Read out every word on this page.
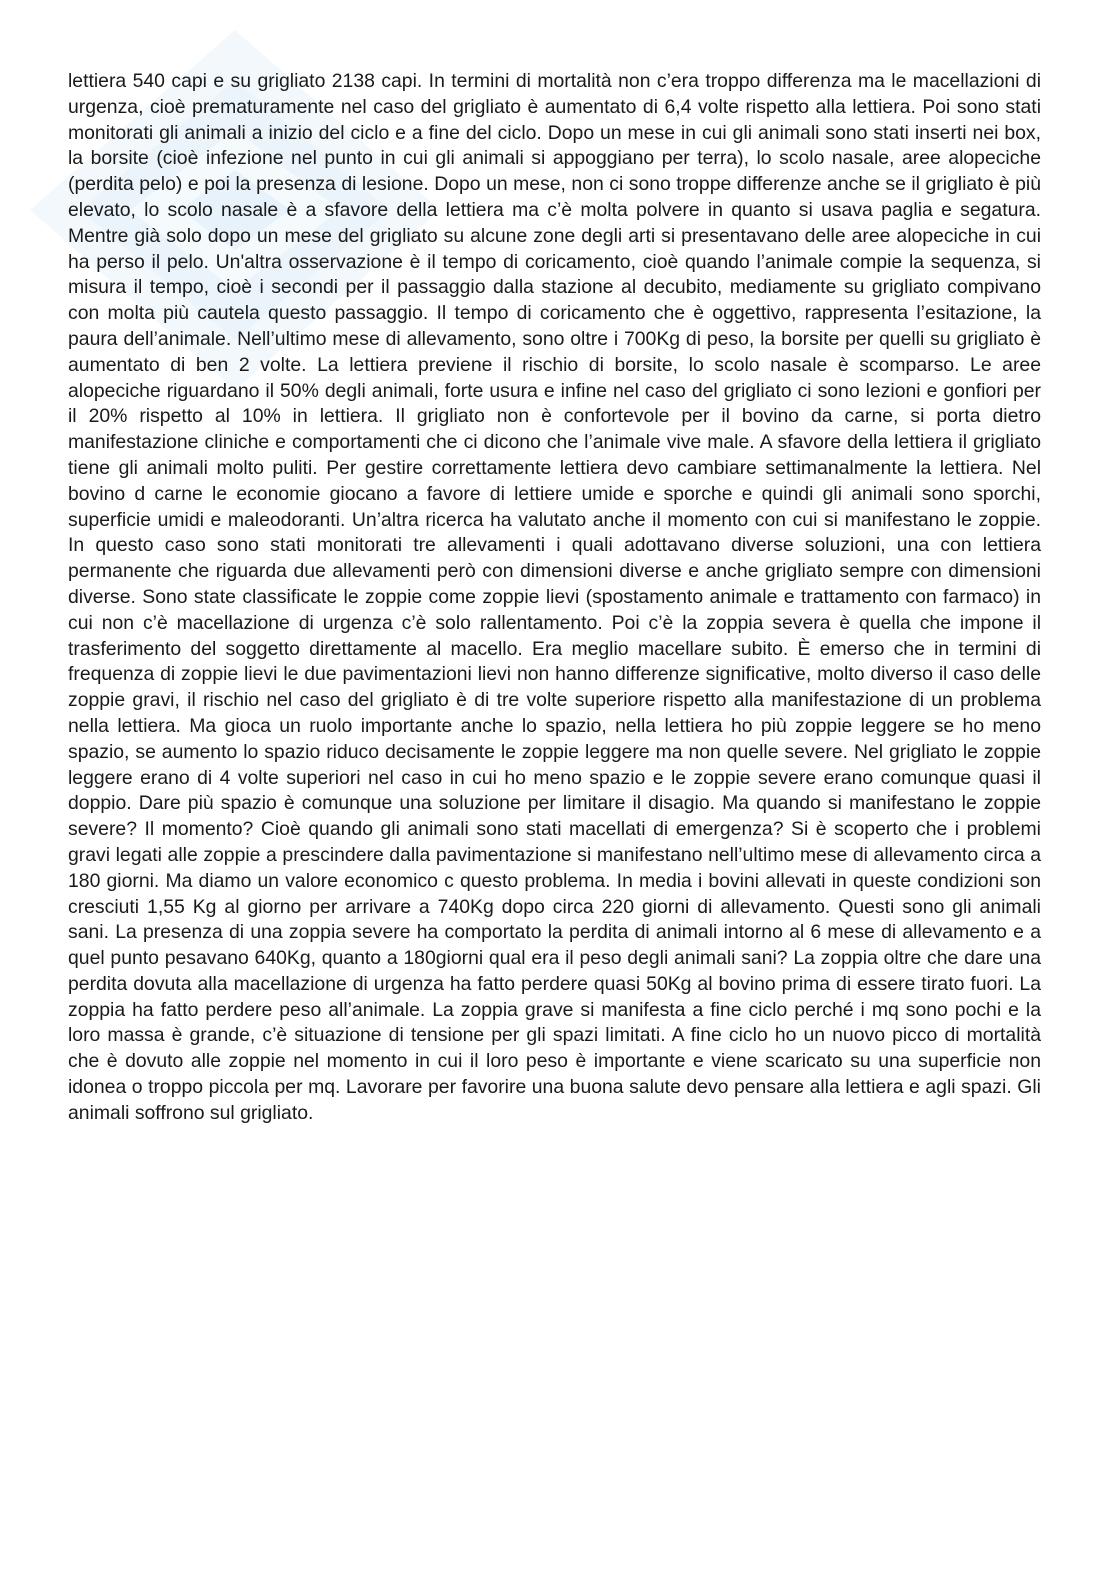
lettiera 540 capi e su grigliato 2138 capi. In termini di mortalità non c’era troppo differenza ma le macellazioni di urgenza, cioè prematuramente nel caso del grigliato è aumentato di 6,4 volte rispetto alla lettiera. Poi sono stati monitorati gli animali a inizio del ciclo e a fine del ciclo. Dopo un mese in cui gli animali sono stati inserti nei box, la borsite (cioè infezione nel punto in cui gli animali si appoggiano per terra), lo scolo nasale, aree alopeciche (perdita pelo) e poi la presenza di lesione. Dopo un mese, non ci sono troppe differenze anche se il grigliato è più elevato, lo scolo nasale è a sfavore della lettiera ma c’è molta polvere in quanto si usava paglia e segatura. Mentre già solo dopo un mese del grigliato su alcune zone degli arti si presentavano delle aree alopeciche in cui ha perso il pelo. Un'altra osservazione è il tempo di coricamento, cioè quando l’animale compie la sequenza, si misura il tempo, cioè i secondi per il passaggio dalla stazione al decubito, mediamente su grigliato compivano con molta più cautela questo passaggio. Il tempo di coricamento che è oggettivo, rappresenta l’esitazione, la paura dell’animale. Nell’ultimo mese di allevamento, sono oltre i 700Kg di peso, la borsite per quelli su grigliato è aumentato di ben 2 volte. La lettiera previene il rischio di borsite, lo scolo nasale è scomparso. Le aree alopeciche riguardano il 50% degli animali, forte usura e infine nel caso del grigliato ci sono lezioni e gonfiori per il 20% rispetto al 10% in lettiera. Il grigliato non è confortevole per il bovino da carne, si porta dietro manifestazione cliniche e comportamenti che ci dicono che l’animale vive male. A sfavore della lettiera il grigliato tiene gli animali molto puliti. Per gestire correttamente lettiera devo cambiare settimanalmente la lettiera. Nel bovino d carne le economie giocano a favore di lettiere umide e sporche e quindi gli animali sono sporchi, superficie umidi e maleodoranti. Un’altra ricerca ha valutato anche il momento con cui si manifestano le zoppie. In questo caso sono stati monitorati tre allevamenti i quali adottavano diverse soluzioni, una con lettiera permanente che riguarda due allevamenti però con dimensioni diverse e anche grigliato sempre con dimensioni diverse. Sono state classificate le zoppie come zoppie lievi (spostamento animale e trattamento con farmaco) in cui non c’è macellazione di urgenza c’è solo rallentamento. Poi c’è la zoppia severa è quella che impone il trasferimento del soggetto direttamente al macello. Era meglio macellare subito. È emerso che in termini di frequenza di zoppie lievi le due pavimentazioni lievi non hanno differenze significative, molto diverso il caso delle zoppie gravi, il rischio nel caso del grigliato è di tre volte superiore rispetto alla manifestazione di un problema nella lettiera. Ma gioca un ruolo importante anche lo spazio, nella lettiera ho più zoppie leggere se ho meno spazio, se aumento lo spazio riduco decisamente le zoppie leggere ma non quelle severe. Nel grigliato le zoppie leggere erano di 4 volte superiori nel caso in cui ho meno spazio e le zoppie severe erano comunque quasi il doppio. Dare più spazio è comunque una soluzione per limitare il disagio. Ma quando si manifestano le zoppie severe? Il momento? Cioè quando gli animali sono stati macellati di emergenza? Si è scoperto che i problemi gravi legati alle zoppie a prescindere dalla pavimentazione si manifestano nell’ultimo mese di allevamento circa a 180 giorni. Ma diamo un valore economico c questo problema. In media i bovini allevati in queste condizioni son cresciuti 1,55 Kg al giorno per arrivare a 740Kg dopo circa 220 giorni di allevamento. Questi sono gli animali sani. La presenza di una zoppia severe ha comportato la perdita di animali intorno al 6 mese di allevamento e a quel punto pesavano 640Kg, quanto a 180giorni qual era il peso degli animali sani? La zoppia oltre che dare una perdita dovuta alla macellazione di urgenza ha fatto perdere quasi 50Kg al bovino prima di essere tirato fuori. La zoppia ha fatto perdere peso all’animale. La zoppia grave si manifesta a fine ciclo perché i mq sono pochi e la loro massa è grande, c’è situazione di tensione per gli spazi limitati. A fine ciclo ho un nuovo picco di mortalità che è dovuto alle zoppie nel momento in cui il loro peso è importante e viene scaricato su una superficie non idonea o troppo piccola per mq. Lavorare per favorire una buona salute devo pensare alla lettiera e agli spazi. Gli animali soffrono sul grigliato.
